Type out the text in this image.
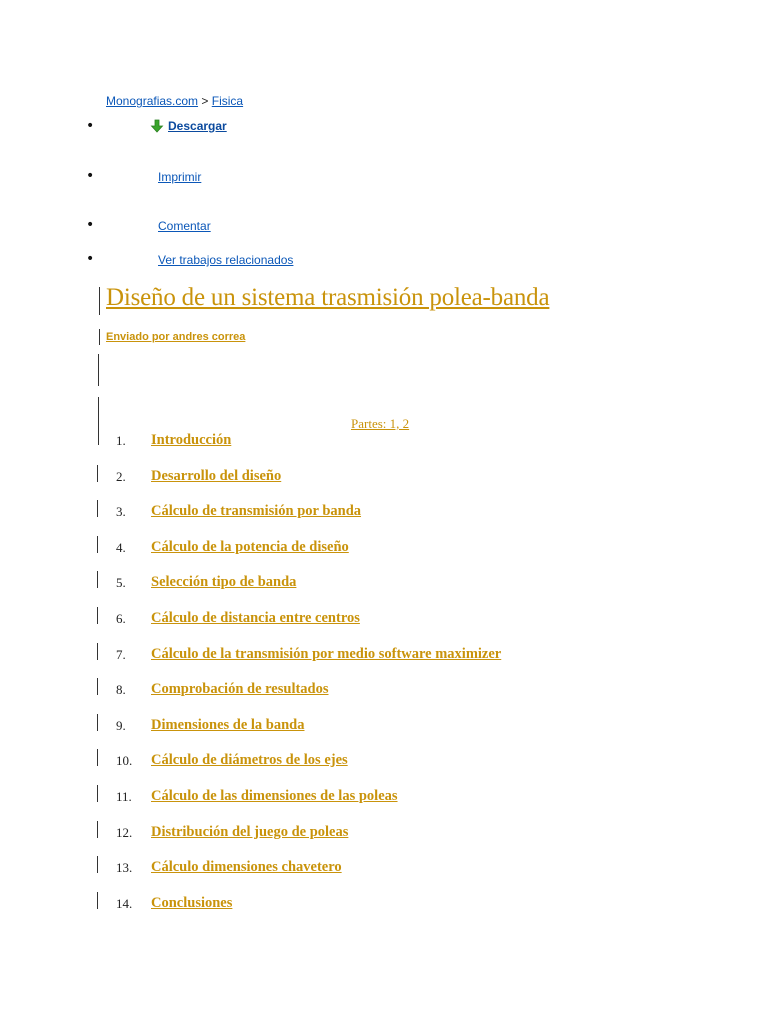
Monografias.com > Fisica
•	Descargar
•	Imprimir
•	Comentar
•	Ver trabajos relacionados
Diseño de un sistema trasmisión polea-banda
Enviado por andres correa
Partes: 1, 2
1.	Introducción
2.	Desarrollo del diseño
3.	Cálculo de transmisión por banda
4.	Cálculo de la potencia de diseño
5.	Selección tipo de banda
6.	Cálculo de distancia entre centros
7.	Cálculo de la transmisión por medio software maximizer
8.	Comprobación de resultados
9.	Dimensiones de la banda
10.	Cálculo de diámetros de los ejes
11.	Cálculo de las dimensiones de las poleas
12.	Distribución del juego de poleas
13.	Cálculo dimensiones chavetero
14.	Conclusiones
